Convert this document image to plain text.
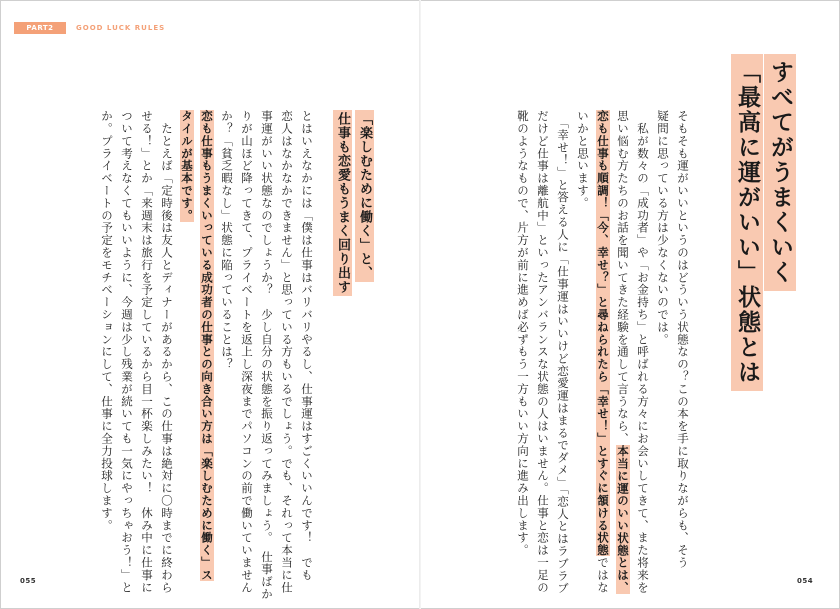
PART2	GOOD LUCK RULES
すべてがうまくいく
「最高に運がいい」状態とは
そもそも運がいいというのはどういう状態なの？この本を手に取りながらも、そう
疑問に思っている方は少なくないのでは。
　私が数々の「成功者」や「お金持ち」と呼ばれる方々にお会いしてきて、また将来を
思い悩む方たちのお話を聞いてきた経験を通して言うなら、本当に運のいい状態とは、
恋も仕事も順調！「今、幸せ？」と尋ねられたら「幸せ！」とすぐに頷ける状態ではな
いかと思います。
　「幸せ！」と答える人に「仕事運はいいけど恋愛運はまるでダメ」「恋人とはラブラブ
だけど仕事は離航中」といったアンバランスな状態の人はいません。仕事と恋は一足の
靴のようなもので、片方が前に進めば必ずもう一方もいい方向に進み出します。
「楽しむために働く」と、
仕事も恋愛もうまく回り出す
とはいえなかには「僕は仕事はバリバリやるし、仕事運はすごくいいんです！　でも
恋人はなかなかできません」と思っている方もいるでしょう。でも、それって本当に仕
事運がいい状態なのでしょうか？　少し自分の状態を振り返ってみましょう。　仕事ばか
りが山ほど降ってきて、プライベートを返上し深夜までパソコンの前で働いていません
か？「貧乏暇なし」状態に陥っていることは？
恋も仕事もうまくいっている成功者の仕事との向き合い方は「楽しむために働く」ス
タイルが基本です。
　たとえば「定時後は友人とディナーがあるから、この仕事は絶対に〇時までに終わら
せる！」とか「来週末は旅行を予定しているから目一杯楽しみたい！　休み中に仕事に
ついて考えなくてもいいように、今週は少し残業が続いても一気にやっちゃおう！」と
か。プライベートの予定をモチベーションにして、仕事に全力投球します。
055	054
